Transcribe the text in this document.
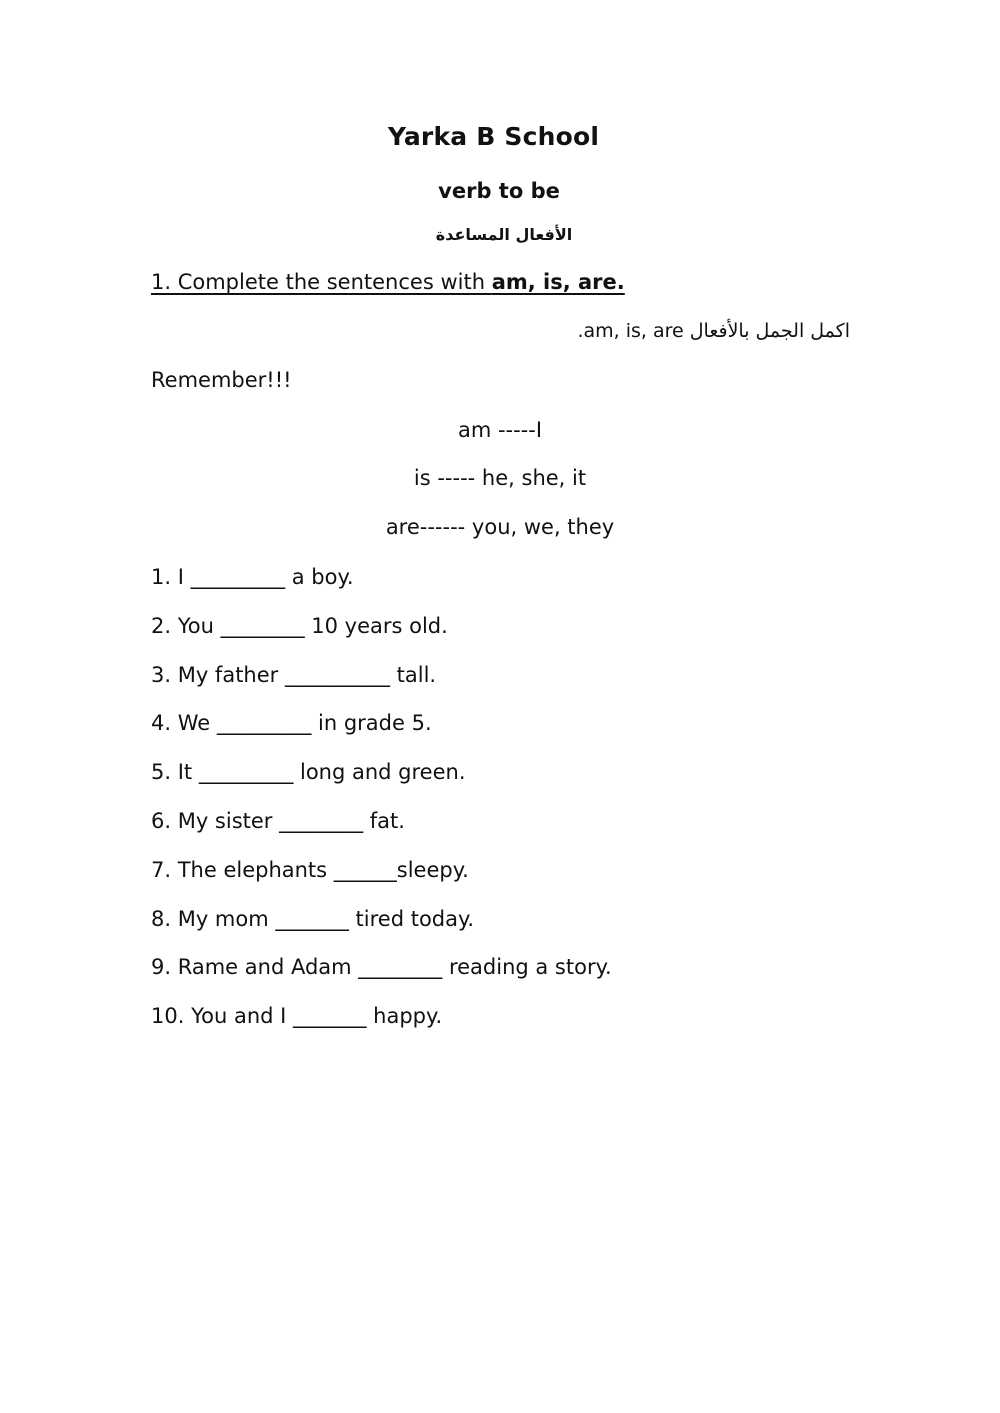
Yarka B School
verb to be
الأفعال المساعدة

1. Complete the sentences with am, is, are.

.am, is, are اكمل الجمل بالأفعال

Remember!!!

am -----I

is ----- he, she, it

are------ you, we, they

1. I _________ a boy.
2. You ________ 10 years old.
3. My father __________ tall.
4. We _________ in grade 5.
5. It _________ long and green.
6. My sister ________ fat.
7. The elephants ______sleepy.
8. My mom _______ tired today.
9. Rame and Adam ________ reading a story.
10. You and I _______ happy.
